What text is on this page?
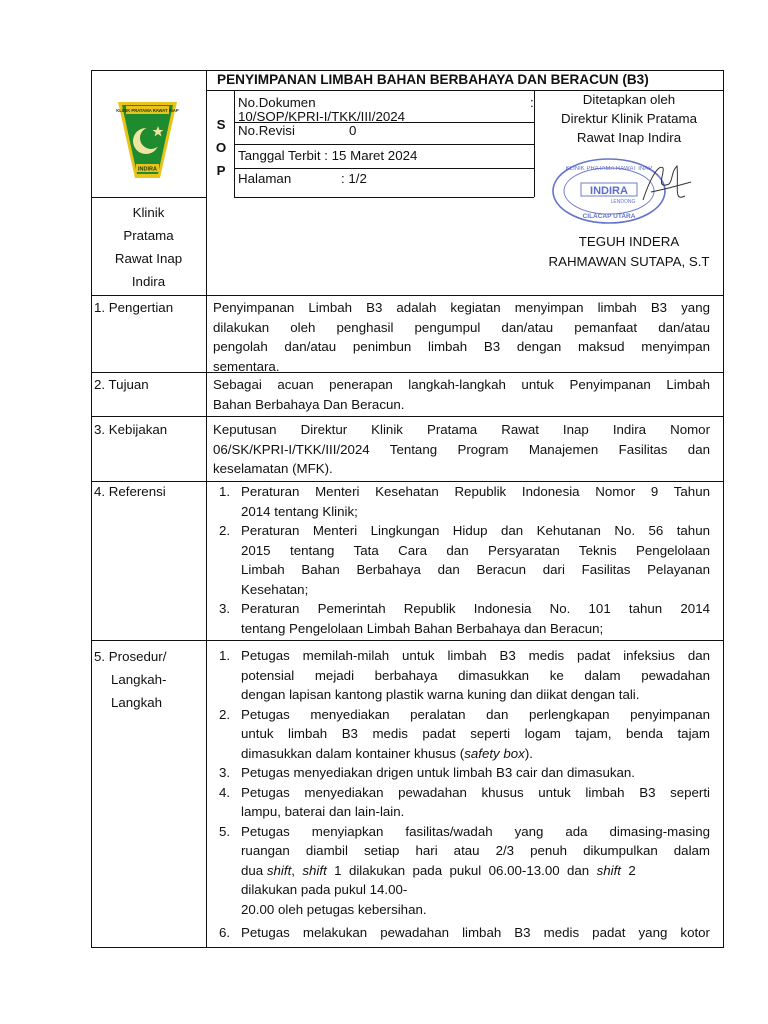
PENYIMPANAN LIMBAH BAHAN BERBAHAYA DAN BERACUN (B3)
KLINIK PRATAMA RAWAT INAP
INDIRA
S
O
P
No.Dokumen	:
10/SOP/KPRI-I/TKK/III/2024
No.Revisi	0
Tanggal Terbit : 15 Maret 2024
Halaman	: 1/2
Ditetapkan oleh
Direktur Klinik Pratama
Rawat Inap Indira
KLINIK PRATAMA RAWAT INAP
INDIRA
LENDONG
CILACAP UTARA
TEGUH INDERA
RAHMAWAN SUTAPA, S.T
Klinik
Pratama
Rawat Inap
Indira
1. Pengertian	Penyimpanan Limbah B3 adalah kegiatan menyimpan limbah B3 yang
dilakukan oleh penghasil pengumpul dan/atau pemanfaat dan/atau
pengolah dan/atau penimbun limbah B3 dengan maksud menyimpan
sementara.
2. Tujuan	Sebagai acuan penerapan langkah-langkah untuk Penyimpanan Limbah
Bahan Berbahaya Dan Beracun.
3. Kebijakan	Keputusan Direktur Klinik Pratama Rawat Inap Indira Nomor
06/SK/KPRI-I/TKK/III/2024 Tentang Program Manajemen Fasilitas dan
keselamatan (MFK).
4. Referensi	1. Peraturan Menteri Kesehatan Republik Indonesia Nomor 9 Tahun
2014 tentang Klinik;
2. Peraturan Menteri Lingkungan Hidup dan Kehutanan No. 56 tahun
2015 tentang Tata Cara dan Persyaratan Teknis Pengelolaan
Limbah Bahan Berbahaya dan Beracun dari Fasilitas Pelayanan
Kesehatan;
3. Peraturan Pemerintah Republik Indonesia No. 101 tahun 2014
tentang Pengelolaan Limbah Bahan Berbahaya dan Beracun;
5. Prosedur/
Langkah-
Langkah
1. Petugas memilah-milah untuk limbah B3 medis padat infeksius dan
potensial mejadi berbahaya dimasukkan ke dalam pewadahan
dengan lapisan kantong plastik warna kuning dan diikat dengan tali.
2. Petugas menyediakan peralatan dan perlengkapan penyimpanan
untuk limbah B3 medis padat seperti logam tajam, benda tajam
dimasukkan dalam kontainer khusus (safety box).
3. Petugas menyediakan drigen untuk limbah B3 cair dan dimasukan.
4. Petugas menyediakan pewadahan khusus untuk limbah B3 seperti
lampu, baterai dan lain-lain.
5. Petugas menyiapkan fasilitas/wadah yang ada dimasing-masing
ruangan diambil setiap hari atau 2/3 penuh dikumpulkan dalam
dua shift,  shift  1  dilakukan  pada  pukul  06.00-13.00  dan  shift  2
dilakukan pada pukul 14.00-
20.00 oleh petugas kebersihan.
6. Petugas melakukan pewadahan limbah B3 medis padat yang kotor
